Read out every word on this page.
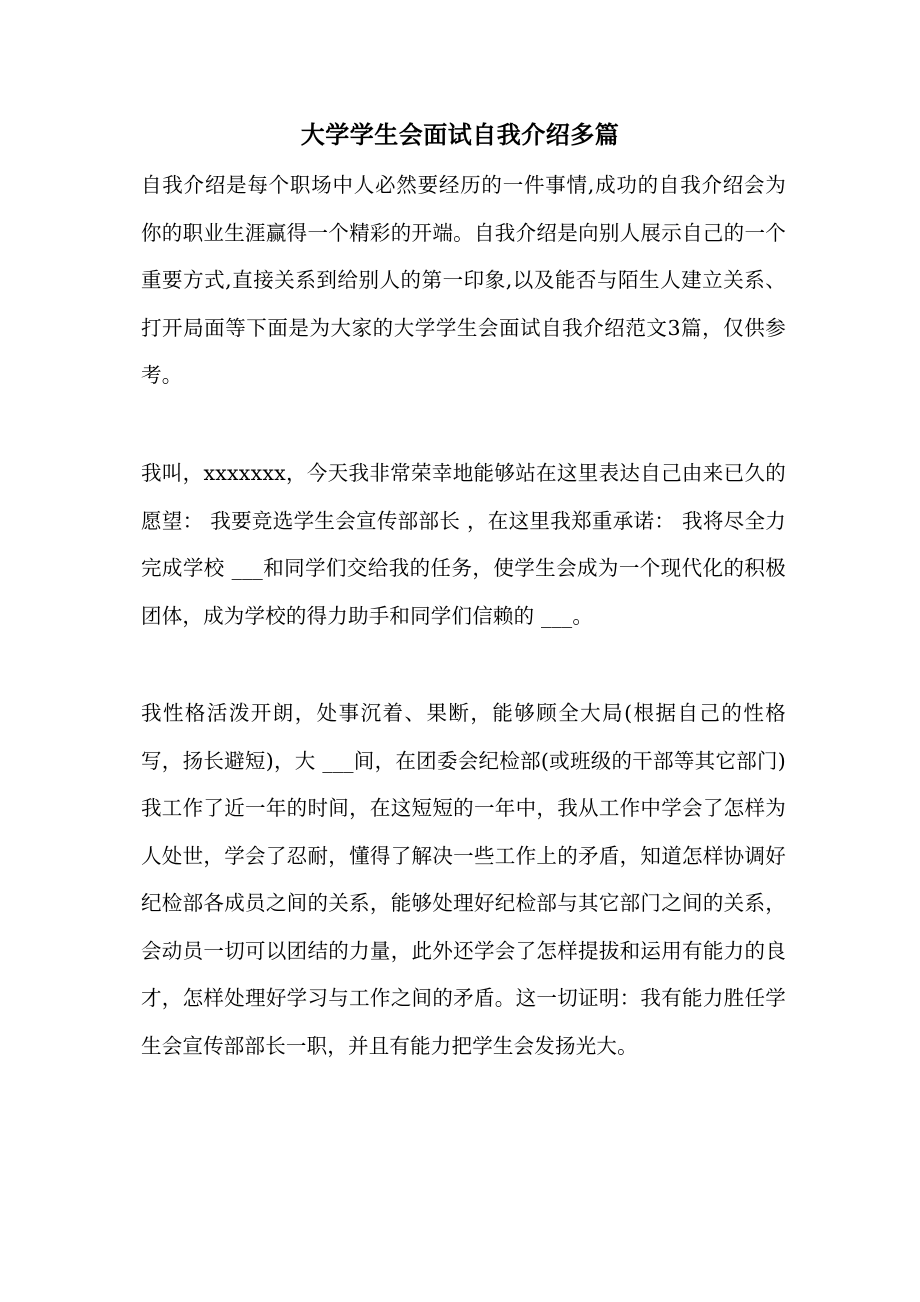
大学学生会面试自我介绍多篇

自我介绍是每个职场中人必然要经历的一件事情,成功的自我介绍会为你的职业生涯赢得一个精彩的开端。自我介绍是向别人展示自己的一个重要方式,直接关系到给别人的第一印象,以及能否与陌生人建立关系、打开局面等下面是为大家的大学学生会面试自我介绍范文3篇，仅供参考。

我叫，xxxxxxx，今天我非常荣幸地能够站在这里表达自己由来已久的愿望： 我要竞选学生会宣传部部长 ，在这里我郑重承诺： 我将尽全力完成学校 ___和同学们交给我的任务，使学生会成为一个现代化的积极团体，成为学校的得力助手和同学们信赖的 ___。

我性格活泼开朗，处事沉着、果断，能够顾全大局(根据自己的性格写，扬长避短)，大 ___间，在团委会纪检部(或班级的干部等其它部门)我工作了近一年的时间，在这短短的一年中，我从工作中学会了怎样为人处世，学会了忍耐，懂得了解决一些工作上的矛盾，知道怎样协调好纪检部各成员之间的关系，能够处理好纪检部与其它部门之间的关系，会动员一切可以团结的力量，此外还学会了怎样提拔和运用有能力的良才，怎样处理好学习与工作之间的矛盾。这一切证明：我有能力胜任学生会宣传部部长一职，并且有能力把学生会发扬光大。
